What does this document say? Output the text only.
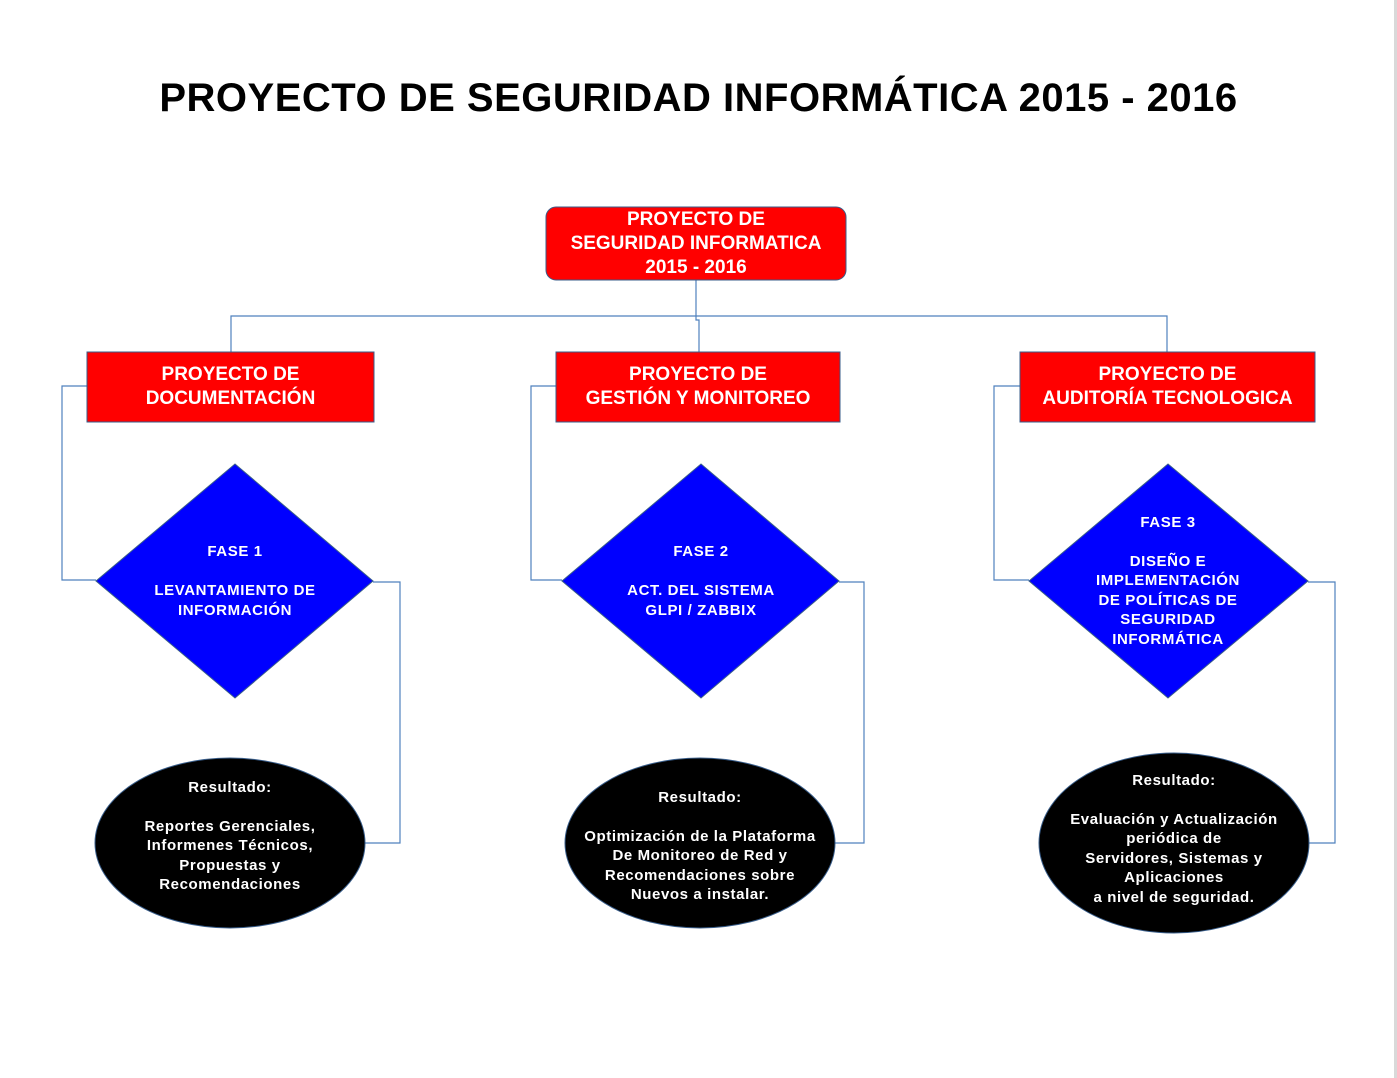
PROYECTO DE SEGURIDAD INFORMÁTICA 2015 - 2016
PROYECTO DE
SEGURIDAD INFORMATICA
2015 - 2016
PROYECTO DE
DOCUMENTACIÓN
PROYECTO DE
GESTIÓN Y MONITOREO
PROYECTO DE
AUDITORÍA TECNOLOGICA
FASE 1

LEVANTAMIENTO DE
INFORMACIÓN
FASE 2

ACT. DEL SISTEMA
GLPI / ZABBIX
FASE 3

DISEÑO E
IMPLEMENTACIÓN
DE POLÍTICAS DE
SEGURIDAD
INFORMÁTICA
Resultado:

Reportes Gerenciales,
Informenes Técnicos,
Propuestas y
Recomendaciones
Resultado:

Optimización de la Plataforma
De Monitoreo de Red y
Recomendaciones sobre
Nuevos a instalar.
Resultado:

Evaluación y Actualización
periódica de
Servidores, Sistemas y
Aplicaciones
a nivel de seguridad.
